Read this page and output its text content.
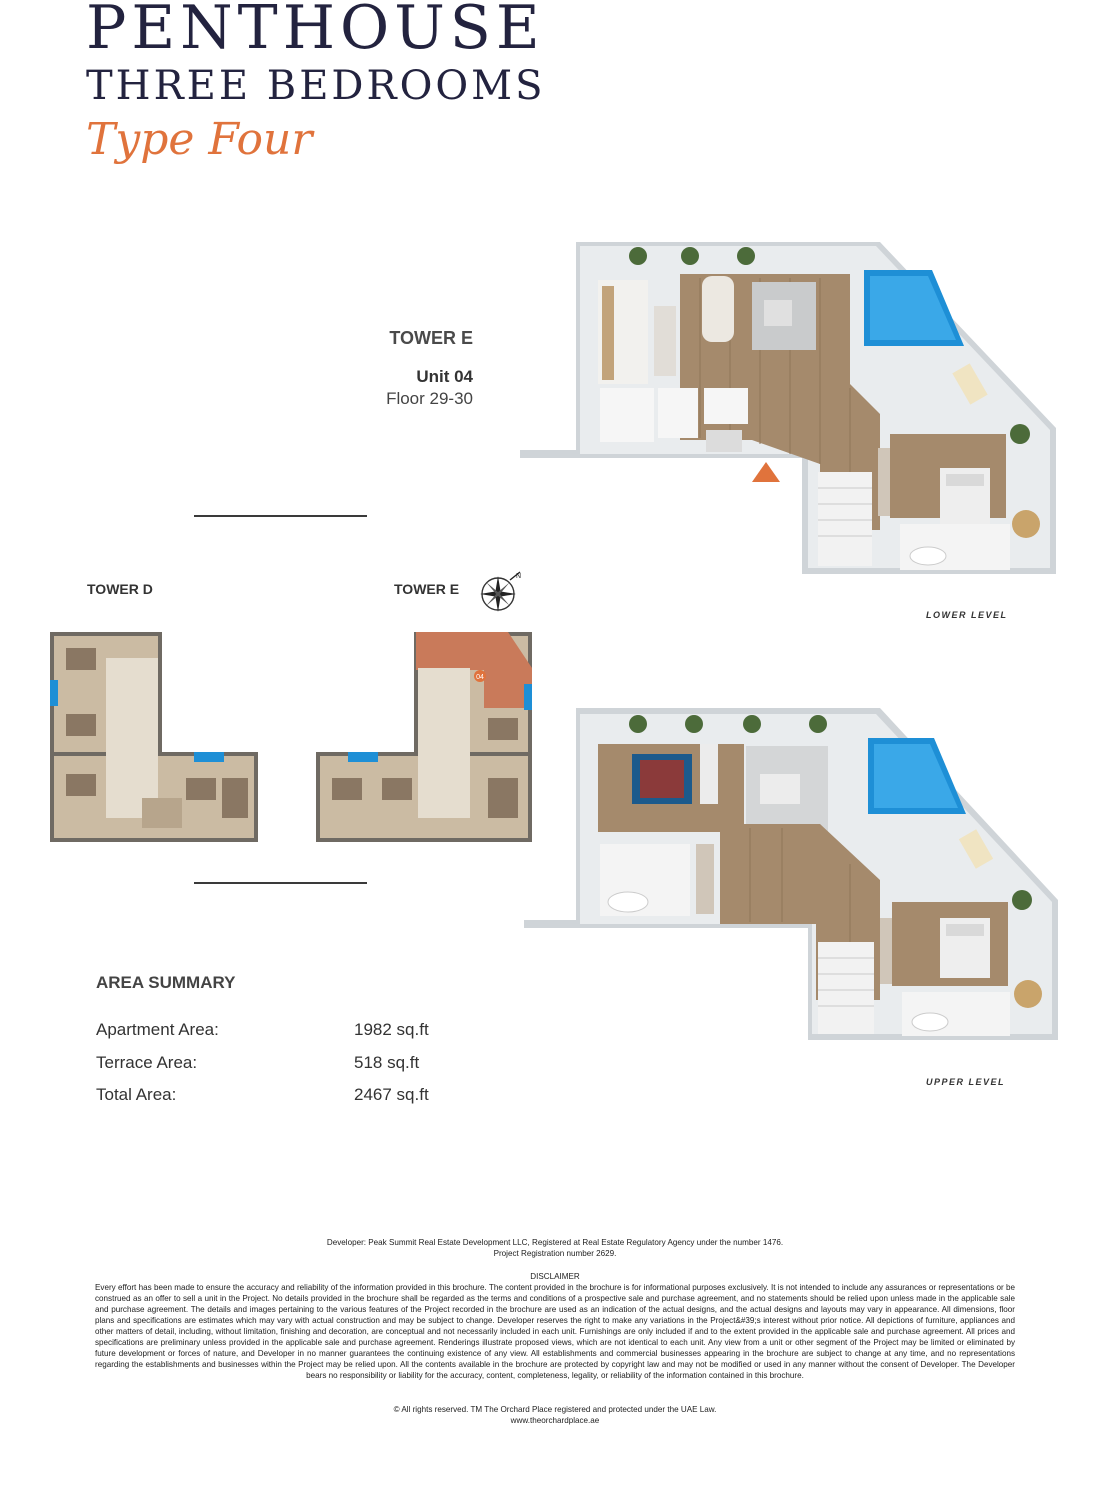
PENTHOUSE
THREE BEDROOMS
Type Four
TOWER E
Unit 04
Floor 29-30
TOWER D	TOWER E
N
04
LOWER LEVEL
UPPER LEVEL
AREA SUMMARY
Apartment Area:	1982 sq.ft
Terrace Area:	518 sq.ft
Total Area:	2467 sq.ft
Developer: Peak Summit Real Estate Development LLC, Registered at Real Estate Regulatory Agency under the number 1476.
Project Registration number 2629.
DISCLAIMER
Every effort has been made to ensure the accuracy and reliability of the information provided in this brochure. The content provided in the brochure is for informational purposes exclusively. It is not intended to include any assurances or representations or be construed as an offer to sell a unit in the Project. No details provided in the brochure shall be regarded as the terms and conditions of a prospective sale and purchase agreement, and no statements should be relied upon unless made in the applicable sale and purchase agreement. The details and images pertaining to the various features of the Project recorded in the brochure are used as an indication of the actual designs, and the actual designs and layouts may vary in appearance. All dimensions, floor plans and specifications are estimates which may vary with actual construction and may be subject to change. Developer reserves the right to make any variations in the Project&#39;s interest without prior notice. All depictions of furniture, appliances and other matters of detail, including, without limitation, finishing and decoration, are conceptual and not necessarily included in each unit. Furnishings are only included if and to the extent provided in the applicable sale and purchase agreement. All prices and specifications are preliminary unless provided in the applicable sale and purchase agreement. Renderings illustrate proposed views, which are not identical to each unit. Any view from a unit or other segment of the Project may be limited or eliminated by future development or forces of nature, and Developer in no manner guarantees the continuing existence of any view. All establishments and commercial businesses appearing in the brochure are subject to change at any time, and no representations regarding the establishments and businesses within the Project may be relied upon. All the contents available in the brochure are protected by copyright law and may not be modified or used in any manner without the consent of Developer. The Developer bears no responsibility or liability for the accuracy, content, completeness, legality, or reliability of the information contained in this brochure.
© All rights reserved. TM The Orchard Place registered and protected under the UAE Law.
www.theorchardplace.ae
